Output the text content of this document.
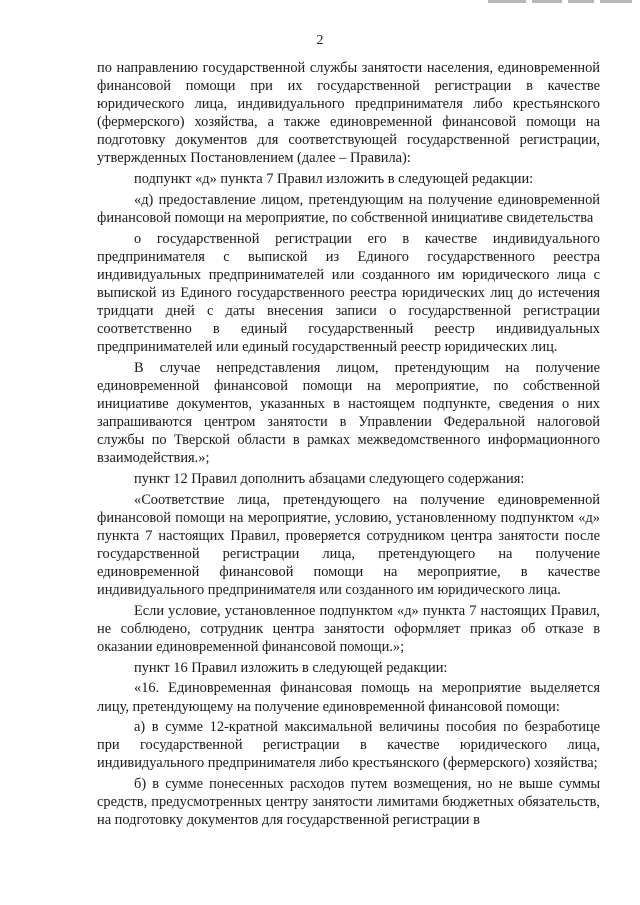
2

по направлению государственной службы занятости населения, единовременной финансовой помощи при их государственной регистрации в качестве юридического лица, индивидуального предпринимателя либо крестьянского (фермерского) хозяйства, а также единовременной финансовой помощи на подготовку документов для соответствующей государственной регистрации, утвержденных Постановлением (далее – Правила):

подпункт «д» пункта 7 Правил изложить в следующей редакции:

«д) предоставление лицом, претендующим на получение единовременной финансовой помощи на мероприятие, по собственной инициативе свидетельства

о государственной регистрации его в качестве индивидуального предпринимателя с выпиской из Единого государственного реестра индивидуальных предпринимателей или созданного им юридического лица с выпиской из Единого государственного реестра юридических лиц до истечения тридцати дней с даты внесения записи о государственной регистрации соответственно в единый государственный реестр индивидуальных предпринимателей или единый государственный реестр юридических лиц.

В случае непредставления лицом, претендующим на получение единовременной финансовой помощи на мероприятие, по собственной инициативе документов, указанных в настоящем подпункте, сведения о них запрашиваются центром занятости в Управлении Федеральной налоговой службы по Тверской области в рамках межведомственного информационного взаимодействия.»;

пункт 12 Правил дополнить абзацами следующего содержания:

«Соответствие лица, претендующего на получение единовременной финансовой помощи на мероприятие, условию, установленному подпунктом «д» пункта 7 настоящих Правил, проверяется сотрудником центра занятости после государственной регистрации лица, претендующего на получение единовременной финансовой помощи на мероприятие, в качестве индивидуального предпринимателя или созданного им юридического лица.

Если условие, установленное подпунктом «д» пункта 7 настоящих Правил, не соблюдено, сотрудник центра занятости оформляет приказ об отказе в оказании единовременной финансовой помощи.»;

пункт 16 Правил изложить в следующей редакции:

«16. Единовременная финансовая помощь на мероприятие выделяется лицу, претендующему на получение единовременной финансовой помощи:

а) в сумме 12-кратной максимальной величины пособия по безработице при государственной регистрации в качестве юридического лица, индивидуального предпринимателя либо крестьянского (фермерского) хозяйства;

б) в сумме понесенных расходов путем возмещения, но не выше суммы средств, предусмотренных центру занятости лимитами бюджетных обязательств, на подготовку документов для государственной регистрации в
